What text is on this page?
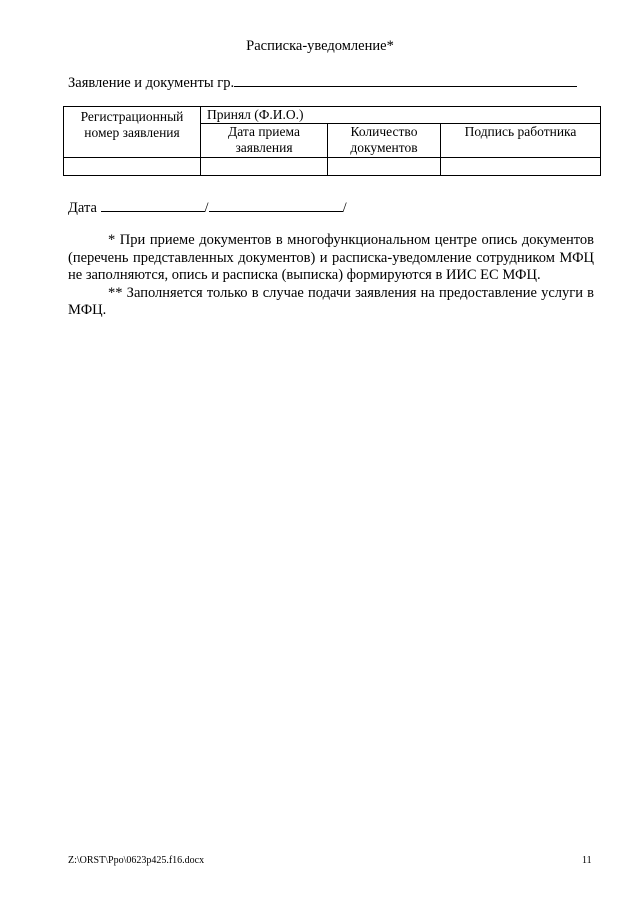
Расписка-уведомление*
Заявление и документы гр.
Регистрационный номер заявления	Принял (Ф.И.О.)		
	Дата приема заявления	Количество документов	Подпись работника

Дата	/	/

* При приеме документов в многофункциональном центре опись документов (перечень представленных документов) и расписка-уведомление сотрудником МФЦ не заполняются, опись и расписка (выписка) формируются в ИИС ЕС МФЦ.

** Заполняется только в случае подачи заявления на предоставление услуги в МФЦ.

Z:\ORST\Ppo\0623p425.f16.docx	11
